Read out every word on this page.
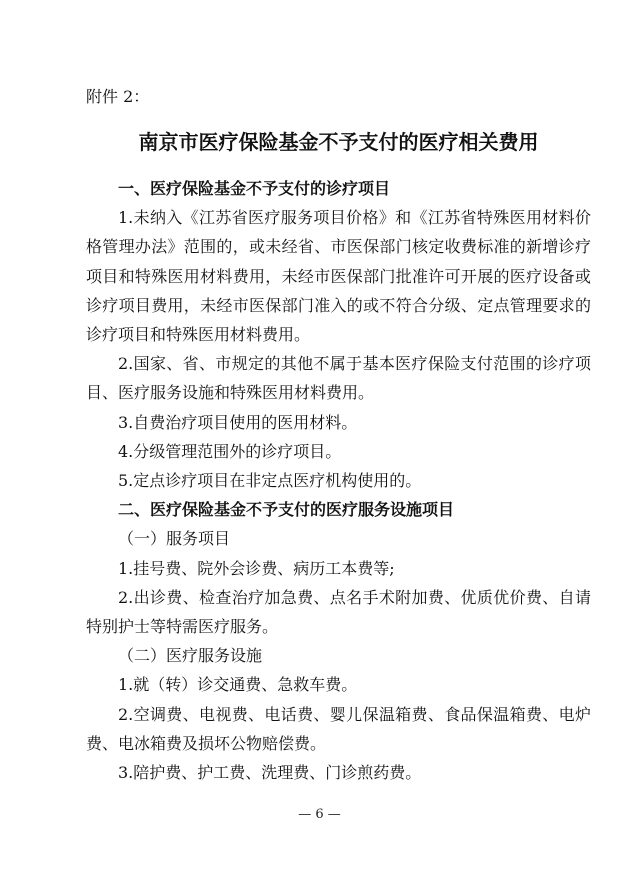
附件 2：
南京市医疗保险基金不予支付的医疗相关费用

一、医疗保险基金不予支付的诊疗项目

1.未纳入《江苏省医疗服务项目价格》和《江苏省特殊医用材料价格管理办法》范围的，或未经省、市医保部门核定收费标准的新增诊疗项目和特殊医用材料费用，未经市医保部门批准许可开展的医疗设备或诊疗项目费用，未经市医保部门准入的或不符合分级、定点管理要求的诊疗项目和特殊医用材料费用。

2.国家、省、市规定的其他不属于基本医疗保险支付范围的诊疗项目、医疗服务设施和特殊医用材料费用。

3.自费治疗项目使用的医用材料。

4.分级管理范围外的诊疗项目。

5.定点诊疗项目在非定点医疗机构使用的。

二、医疗保险基金不予支付的医疗服务设施项目

（一）服务项目

1.挂号费、院外会诊费、病历工本费等;

2.出诊费、检查治疗加急费、点名手术附加费、优质优价费、自请特别护士等特需医疗服务。

（二）医疗服务设施

1.就（转）诊交通费、急救车费。

2.空调费、电视费、电话费、婴儿保温箱费、食品保温箱费、电炉费、电冰箱费及损坏公物赔偿费。

3.陪护费、护工费、洗理费、门诊煎药费。

— 6 —
